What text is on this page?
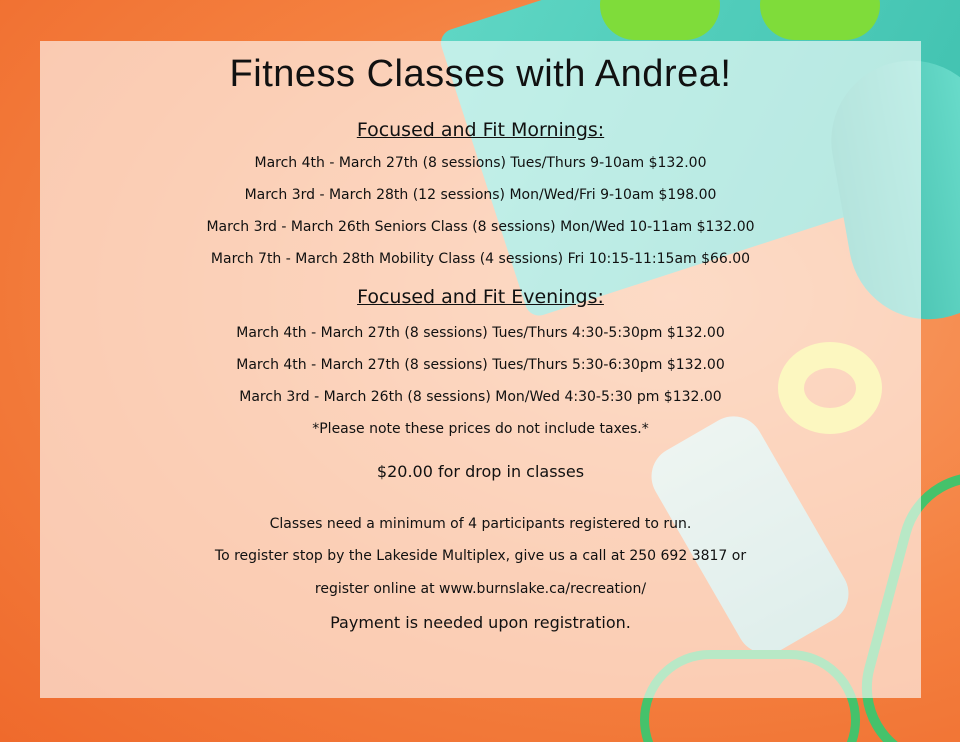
Fitness Classes with Andrea!
Focused and Fit Mornings:

March 4th - March 27th (8 sessions) Tues/Thurs 9-10am $132.00

March 3rd - March 28th (12 sessions) Mon/Wed/Fri 9-10am $198.00

March 3rd - March 26th Seniors Class (8 sessions) Mon/Wed 10-11am $132.00

March 7th - March 28th Mobility Class (4 sessions) Fri 10:15-11:15am $66.00

Focused and Fit Evenings:

March 4th - March 27th (8 sessions) Tues/Thurs 4:30-5:30pm $132.00

March 4th - March 27th (8 sessions) Tues/Thurs 5:30-6:30pm $132.00

March 3rd - March 26th (8 sessions) Mon/Wed 4:30-5:30 pm $132.00

*Please note these prices do not include taxes.*

$20.00 for drop in classes

Classes need a minimum of 4 participants registered to run.

To register stop by the Lakeside Multiplex, give us a call at 250 692 3817 or

register online at www.burnslake.ca/recreation/

Payment is needed upon registration.
